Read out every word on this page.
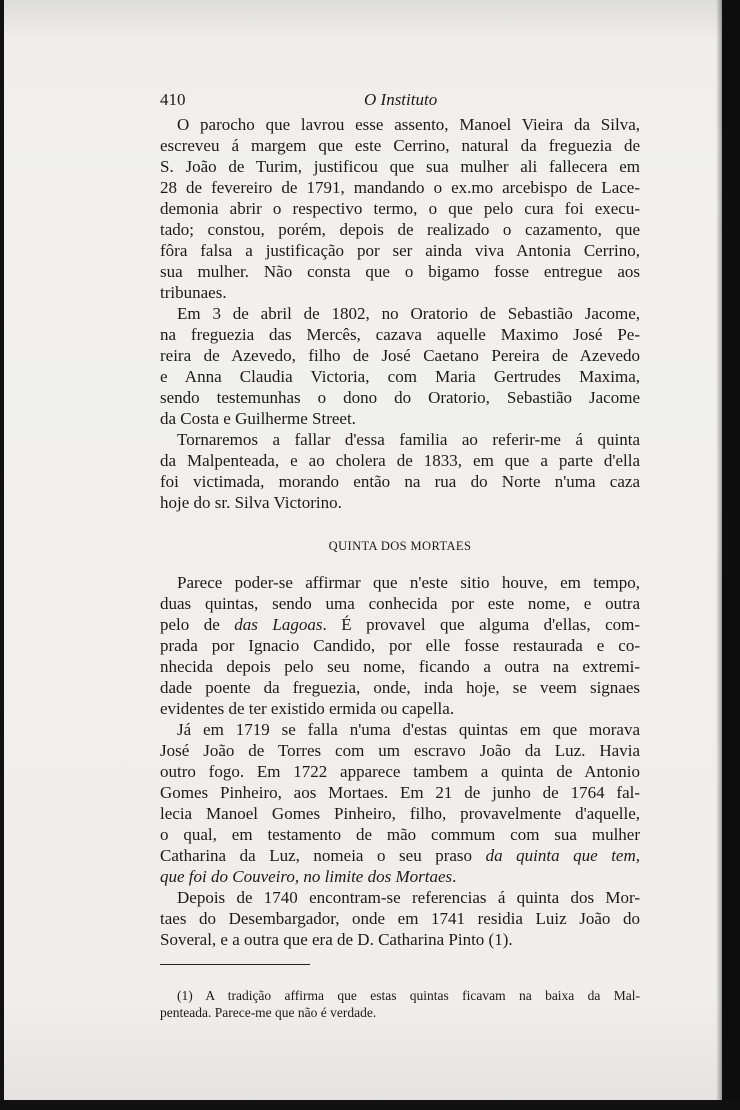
410	O Instituto

O parocho que lavrou esse assento, Manoel Vieira da Silva,
escreveu á margem que este Cerrino, natural da freguezia de
S. João de Turim, justificou que sua mulher ali fallecera em
28 de fevereiro de 1791, mandando o ex.mo arcebispo de Lace-
demonia abrir o respectivo termo, o que pelo cura foi execu-
tado; constou, porém, depois de realizado o cazamento, que
fôra falsa a justificação por ser ainda viva Antonia Cerrino,
sua mulher. Não consta que o bigamo fosse entregue aos
tribunaes.

Em 3 de abril de 1802, no Oratorio de Sebastião Jacome,
na freguezia das Mercês, cazava aquelle Maximo José Pe-
reira de Azevedo, filho de José Caetano Pereira de Azevedo
e Anna Claudia Victoria, com Maria Gertrudes Maxima,
sendo testemunhas o dono do Oratorio, Sebastião Jacome
da Costa e Guilherme Street.

Tornaremos a fallar d'essa familia ao referir-me á quinta
da Malpenteada, e ao cholera de 1833, em que a parte d'ella
foi victimada, morando então na rua do Norte n'uma caza
hoje do sr. Silva Victorino.

QUINTA DOS MORTAES

Parece poder-se affirmar que n'este sitio houve, em tempo,
duas quintas, sendo uma conhecida por este nome, e outra
pelo de das Lagoas. É provavel que alguma d'ellas, com-
prada por Ignacio Candido, por elle fosse restaurada e co-
nhecida depois pelo seu nome, ficando a outra na extremi-
dade poente da freguezia, onde, inda hoje, se veem signaes
evidentes de ter existido ermida ou capella.

Já em 1719 se falla n'uma d'estas quintas em que morava
José João de Torres com um escravo João da Luz. Havia
outro fogo. Em 1722 apparece tambem a quinta de Antonio
Gomes Pinheiro, aos Mortaes. Em 21 de junho de 1764 fal-
lecia Manoel Gomes Pinheiro, filho, provavelmente d'aquelle,
o qual, em testamento de mão commum com sua mulher
Catharina da Luz, nomeia o seu praso da quinta que tem,
que foi do Couveiro, no limite dos Mortaes.

Depois de 1740 encontram-se referencias á quinta dos Mor-
taes do Desembargador, onde em 1741 residia Luiz João do
Soveral, e a outra que era de D. Catharina Pinto (1).

(1) A tradição affirma que estas quintas ficavam na baixa da Mal-
penteada. Parece-me que não é verdade.
